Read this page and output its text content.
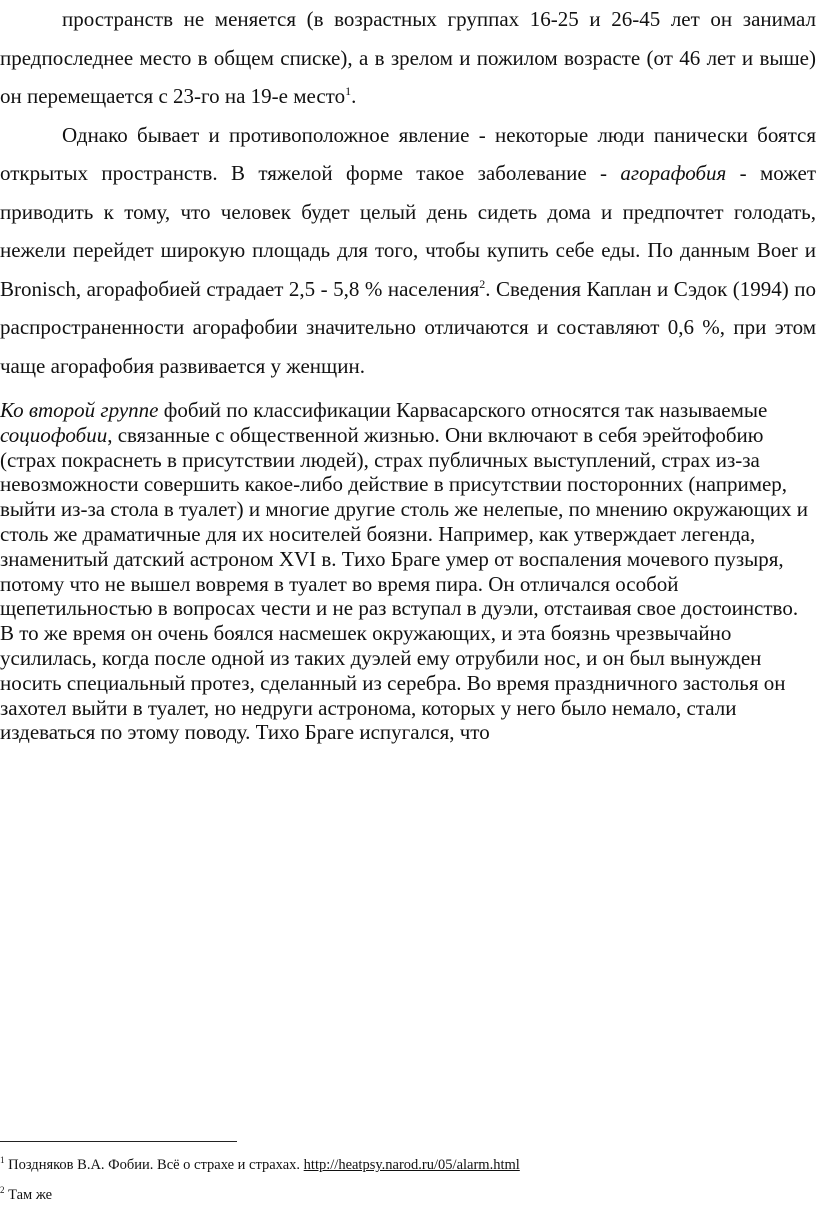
пространств не меняется (в возрастных группах 16-25 и 26-45 лет он занимал предпоследнее место в общем списке), а в зрелом и пожилом возрасте (от 46 лет и выше) он перемещается с 23-го на 19-е место$^1$.

Однако бывает и противоположное явление - некоторые люди панически боятся открытых пространств. В тяжелой форме такое заболевание - агорафобия - может приводить к тому, что человек будет целый день сидеть дома и предпочтет голодать, нежели перейдет широкую площадь для того, чтобы купить себе еды. По данным Boer и Bronisch, агорафобией страдает 2,5 - 5,8 % населения$^2$. Сведения Каплан и Сэдок (1994) по распространенности агорафобии значительно отличаются и составляют 0,6 %, при этом чаще агорафобия развивается у женщин.

Ко второй группе фобий по классификации Карвасарского относятся так называемые социофобии, связанные с общественной жизнью. Они включают в себя эрейтофобию (страх покраснеть в присутствии людей), страх публичных выступлений, страх из-за невозможности совершить какое-либо действие в присутствии посторонних (например, выйти из-за стола в туалет) и многие другие столь же нелепые, по мнению окружающих и столь же драматичные для их носителей боязни. Например, как утверждает легенда, знаменитый датский астроном XVI в. Тихо Браге умер от воспаления мочевого пузыря, потому что не вышел вовремя в туалет во время пира. Он отличался особой щепетильностью в вопросах чести и не раз вступал в дуэли, отстаивая свое достоинство. В то же время он очень боялся насмешек окружающих, и эта боязнь чрезвычайно усилилась, когда после одной из таких дуэлей ему отрубили нос, и он был вынужден носить специальный протез, сделанный из серебра. Во время праздничного застолья он захотел выйти в туалет, но недруги астронома, которых у него было немало, стали издеваться по этому поводу. Тихо Браге испугался, что

$^1$ Поздняков В.А. Фобии. Всё о страхе и страхах. http://heatpsy.narod.ru/05/alarm.html

$^2$ Там же
